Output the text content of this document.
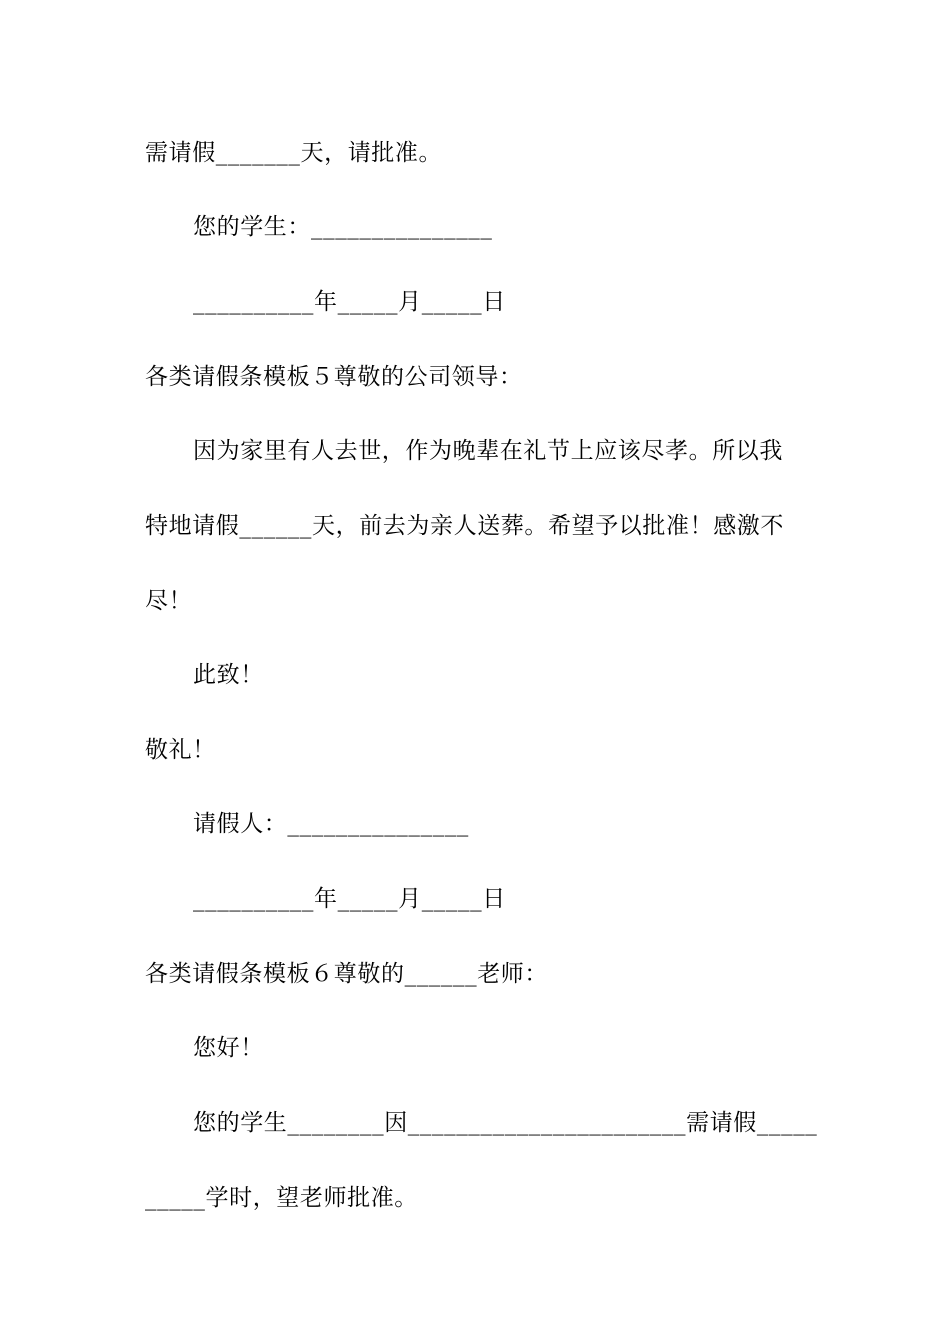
需请假_______天，请批准。
您的学生：_______________
__________年_____月_____日
各类请假条模板５尊敬的公司领导：
因为家里有人去世，作为晚辈在礼节上应该尽孝。所以我
特地请假______天，前去为亲人送葬。希望予以批准！感激不
尽！
此致！
敬礼！
请假人：_______________
__________年_____月_____日
各类请假条模板６尊敬的______老师：
您好！
您的学生________因_______________________需请假_____
_____学时，望老师批准。
